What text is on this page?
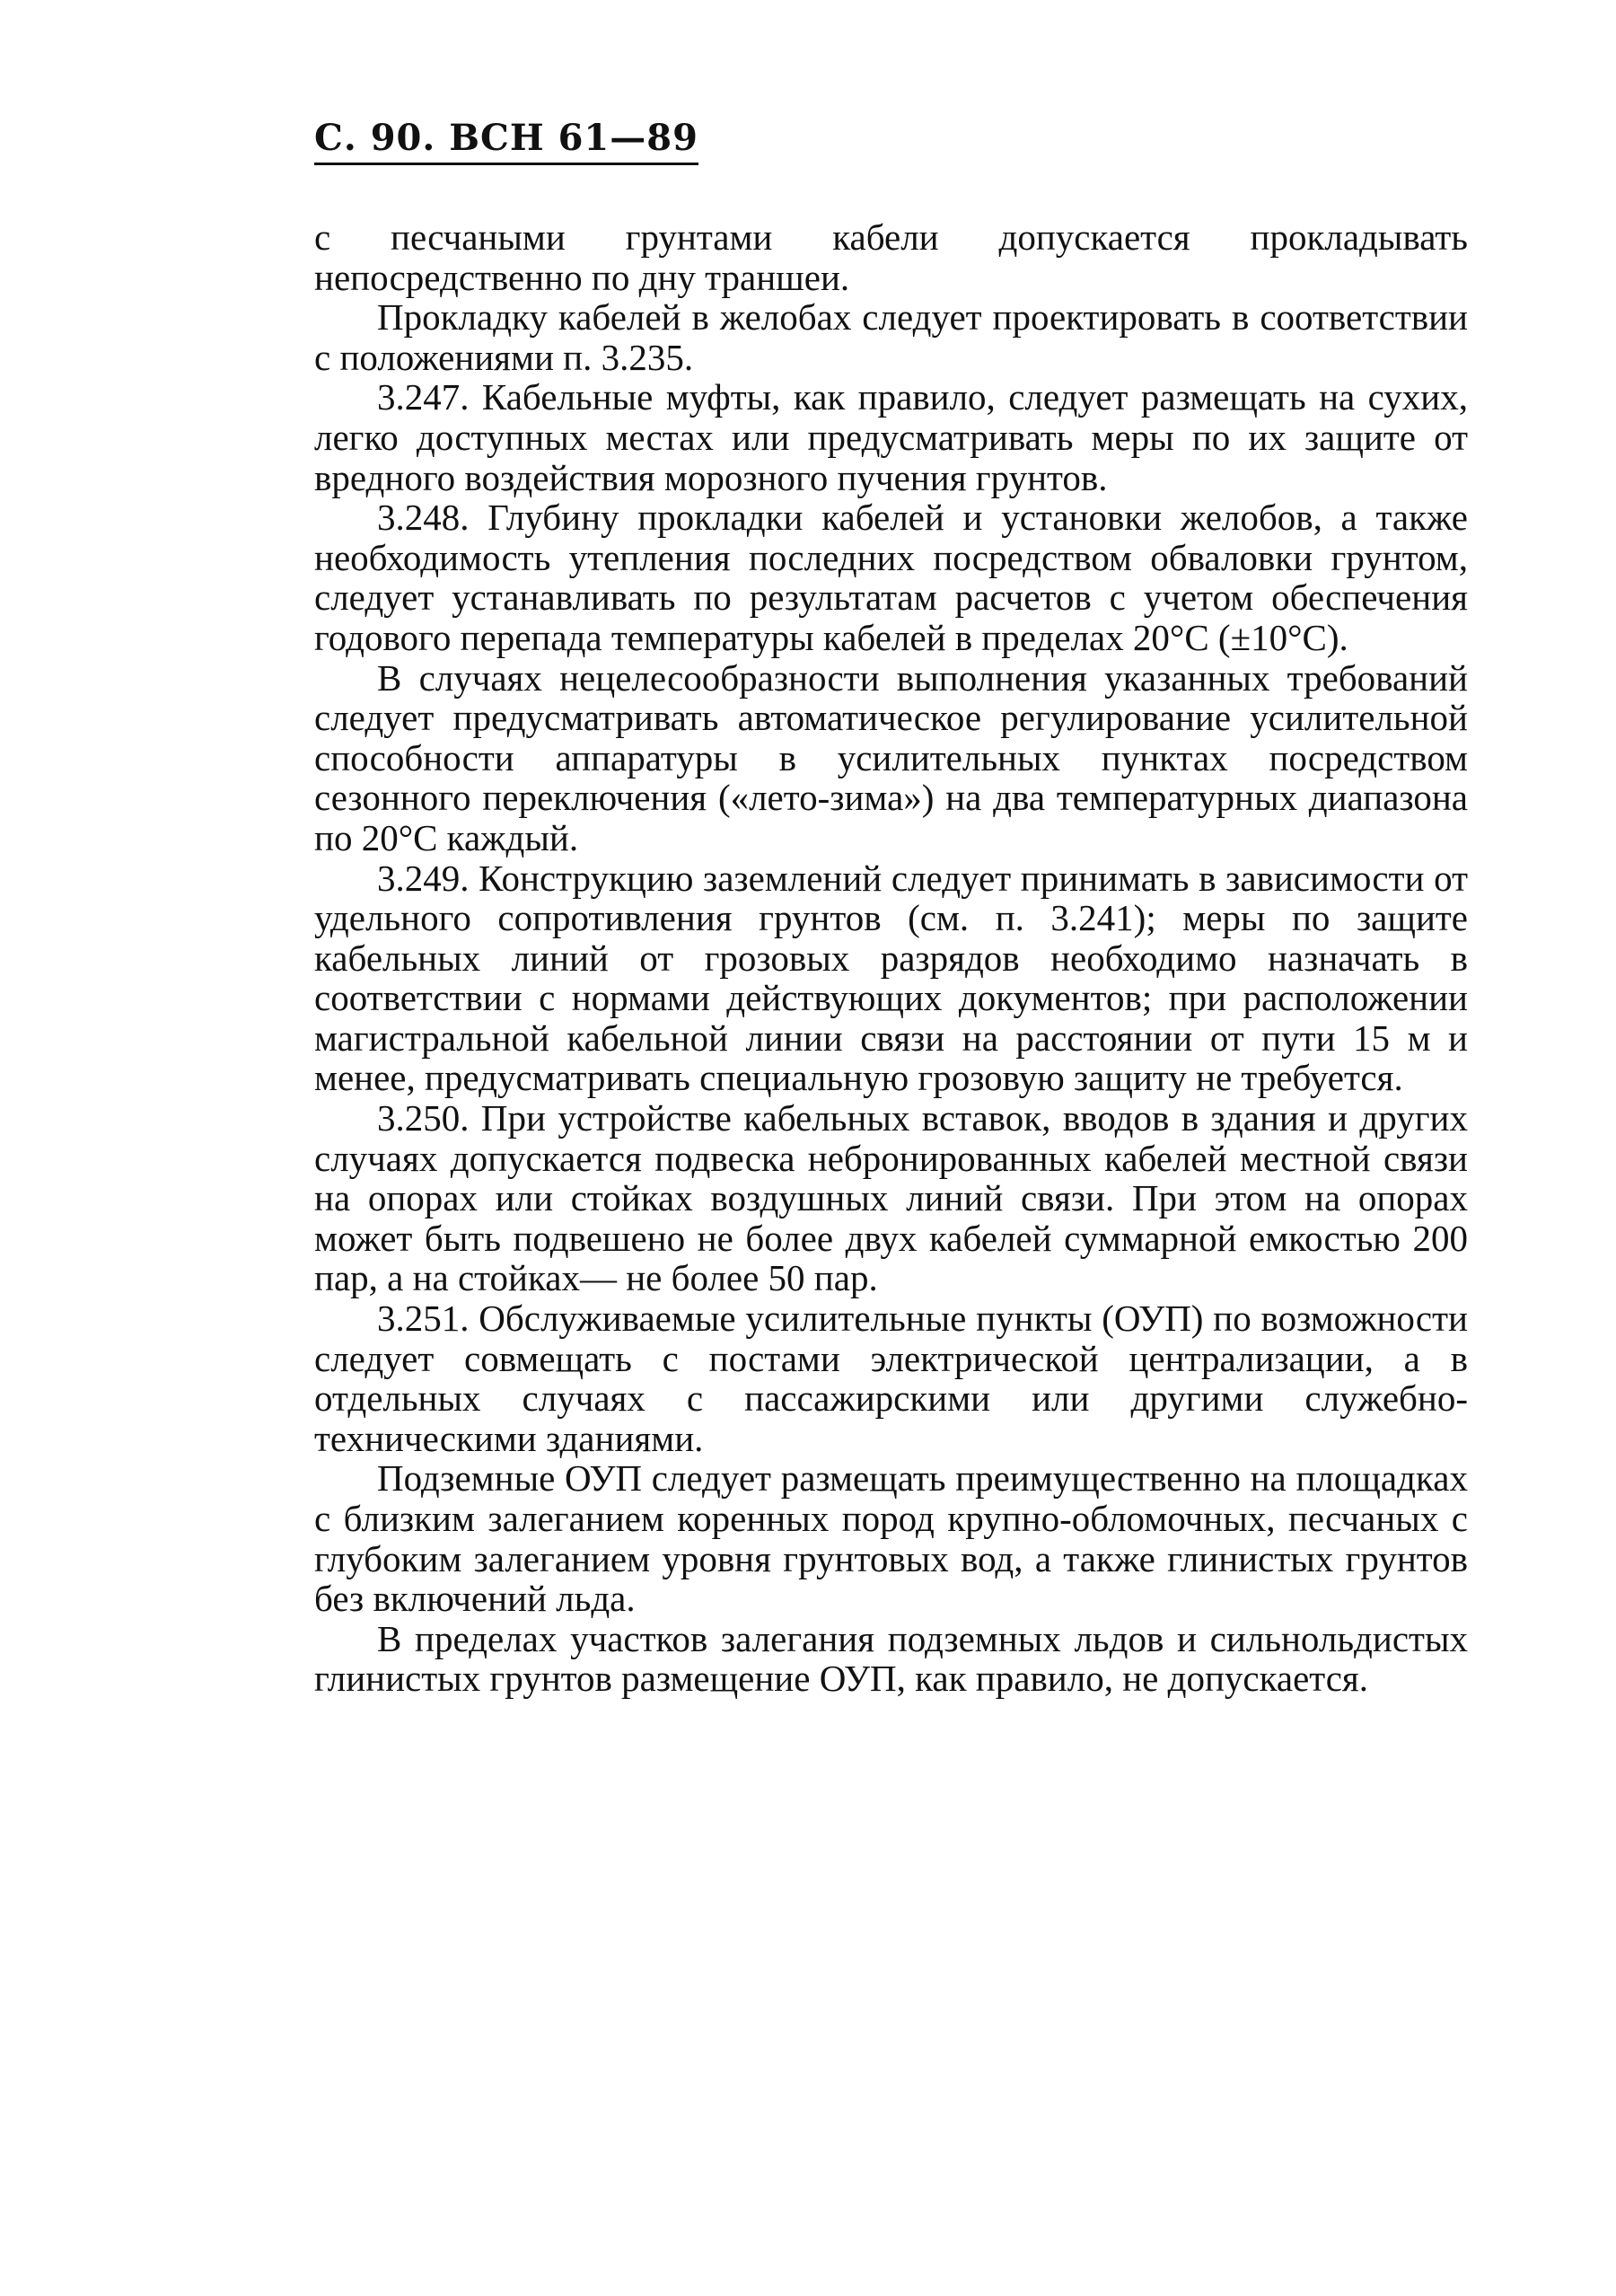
С. 90. ВСН 61—89

с песчаными грунтами кабели допускается прокладывать непосредственно по дну траншеи.

Прокладку кабелей в желобах следует проектировать в соответствии с положениями п. 3.235.

3.247. Кабельные муфты, как правило, следует размещать на сухих, легко доступных местах или предусматривать меры по их защите от вредного воздействия морозного пучения грунтов.

3.248. Глубину прокладки кабелей и установки желобов, а также необходимость утепления последних посредством обваловки грунтом, следует устанавливать по результатам расчетов с учетом обеспечения годового перепада температуры кабелей в пределах 20°С (±10°С).

В случаях нецелесообразности выполнения указанных требований следует предусматривать автоматическое регулирование усилительной способности аппаратуры в усилительных пунктах посредством сезонного переключения («лето-зима») на два температурных диапазона по 20°С каждый.

3.249. Конструкцию заземлений следует принимать в зависимости от удельного сопротивления грунтов (см. п. 3.241); меры по защите кабельных линий от грозовых разрядов необходимо назначать в соответствии с нормами действующих документов; при расположении магистральной кабельной линии связи на расстоянии от пути 15 м и менее, предусматривать специальную грозовую защиту не требуется.

3.250. При устройстве кабельных вставок, вводов в здания и других случаях допускается подвеска небронированных кабелей местной связи на опорах или стойках воздушных линий связи. При этом на опорах может быть подвешено не более двух кабелей суммарной емкостью 200 пар, а на стойках— не более 50 пар.

3.251. Обслуживаемые усилительные пункты (ОУП) по возможности следует совмещать с постами электрической централизации, а в отдельных случаях с пассажирскими или другими служебно-техническими зданиями.

Подземные ОУП следует размещать преимущественно на площадках с близким залеганием коренных пород крупно-обломочных, песчаных с глубоким залеганием уровня грунтовых вод, а также глинистых грунтов без включений льда.

В пределах участков залегания подземных льдов и сильнольдистых глинистых грунтов размещение ОУП, как правило, не допускается.
